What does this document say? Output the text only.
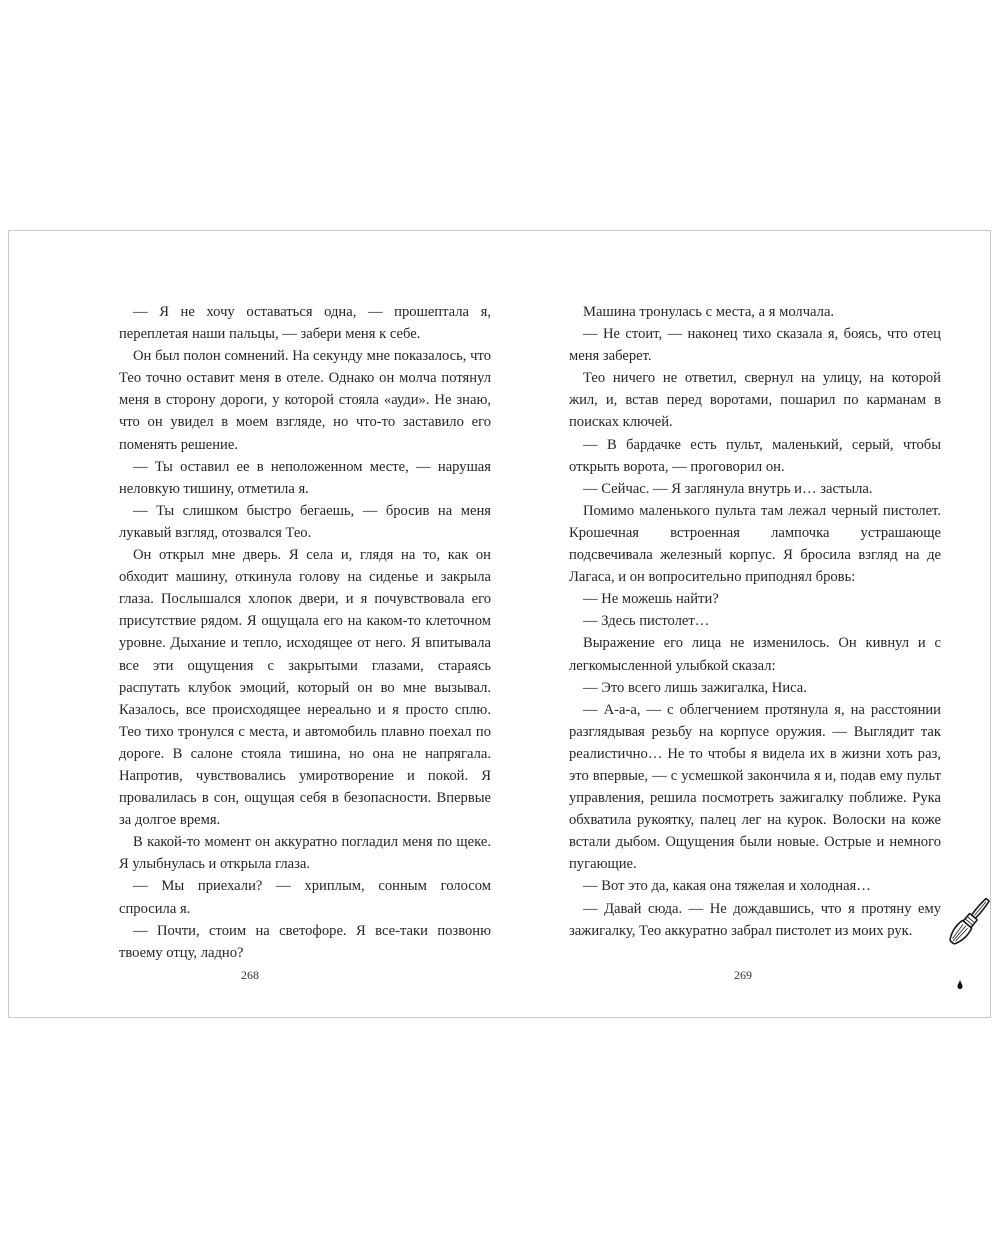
— Я не хочу оставаться одна, — прошептала я, переплетая наши пальцы, — забери меня к себе.

Он был полон сомнений. На секунду мне показалось, что Тео точно оставит меня в отеле. Однако он молча потянул меня в сторону дороги, у которой стояла «ауди». Не знаю, что он увидел в моем взгляде, но что-то заставило его поменять решение.

— Ты оставил ее в неположенном месте, — нарушая неловкую тишину, отметила я.

— Ты слишком быстро бегаешь, — бросив на меня лукавый взгляд, отозвался Тео.

Он открыл мне дверь. Я села и, глядя на то, как он обходит машину, откинула голову на сиденье и закрыла глаза. Послышался хлопок двери, и я почувствовала его присутствие рядом. Я ощущала его на каком-то клеточном уровне. Дыхание и тепло, исходящее от него. Я впитывала все эти ощущения с закрытыми глазами, стараясь распутать клубок эмоций, который он во мне вызывал. Казалось, все происходящее нереально и я просто сплю. Тео тихо тронулся с места, и автомобиль плавно поехал по дороге. В салоне стояла тишина, но она не напрягала. Напротив, чувствовались умиротворение и покой. Я провалилась в сон, ощущая себя в безопасности. Впервые за долгое время.

В какой-то момент он аккуратно погладил меня по щеке. Я улыбнулась и открыла глаза.

— Мы приехали? — хриплым, сонным голосом спросила я.

— Почти, стоим на светофоре. Я все-таки позвоню твоему отцу, ладно?

Машина тронулась с места, а я молчала.

— Не стоит, — наконец тихо сказала я, боясь, что отец меня заберет.

Тео ничего не ответил, свернул на улицу, на которой жил, и, встав перед воротами, пошарил по карманам в поисках ключей.

— В бардачке есть пульт, маленький, серый, чтобы открыть ворота, — проговорил он.

— Сейчас. — Я заглянула внутрь и… застыла.

Помимо маленького пульта там лежал черный пистолет. Крошечная встроенная лампочка устрашающе подсвечивала железный корпус. Я бросила взгляд на де Лагаса, и он вопросительно приподнял бровь:

— Не можешь найти?

— Здесь пистолет…

Выражение его лица не изменилось. Он кивнул и с легкомысленной улыбкой сказал:

— Это всего лишь зажигалка, Ниса.

— А-а-а, — с облегчением протянула я, на расстоянии разглядывая резьбу на корпусе оружия. — Выглядит так реалистично… Не то чтобы я видела их в жизни хоть раз, это впервые, — с усмешкой закончила я и, подав ему пульт управления, решила посмотреть зажигалку поближе. Рука обхватила рукоятку, палец лег на курок. Волоски на коже встали дыбом. Ощущения были новые. Острые и немного пугающие.

— Вот это да, какая она тяжелая и холодная…

— Давай сюда. — Не дождавшись, что я протяну ему зажигалку, Тео аккуратно забрал пистолет из моих рук.

268	269
